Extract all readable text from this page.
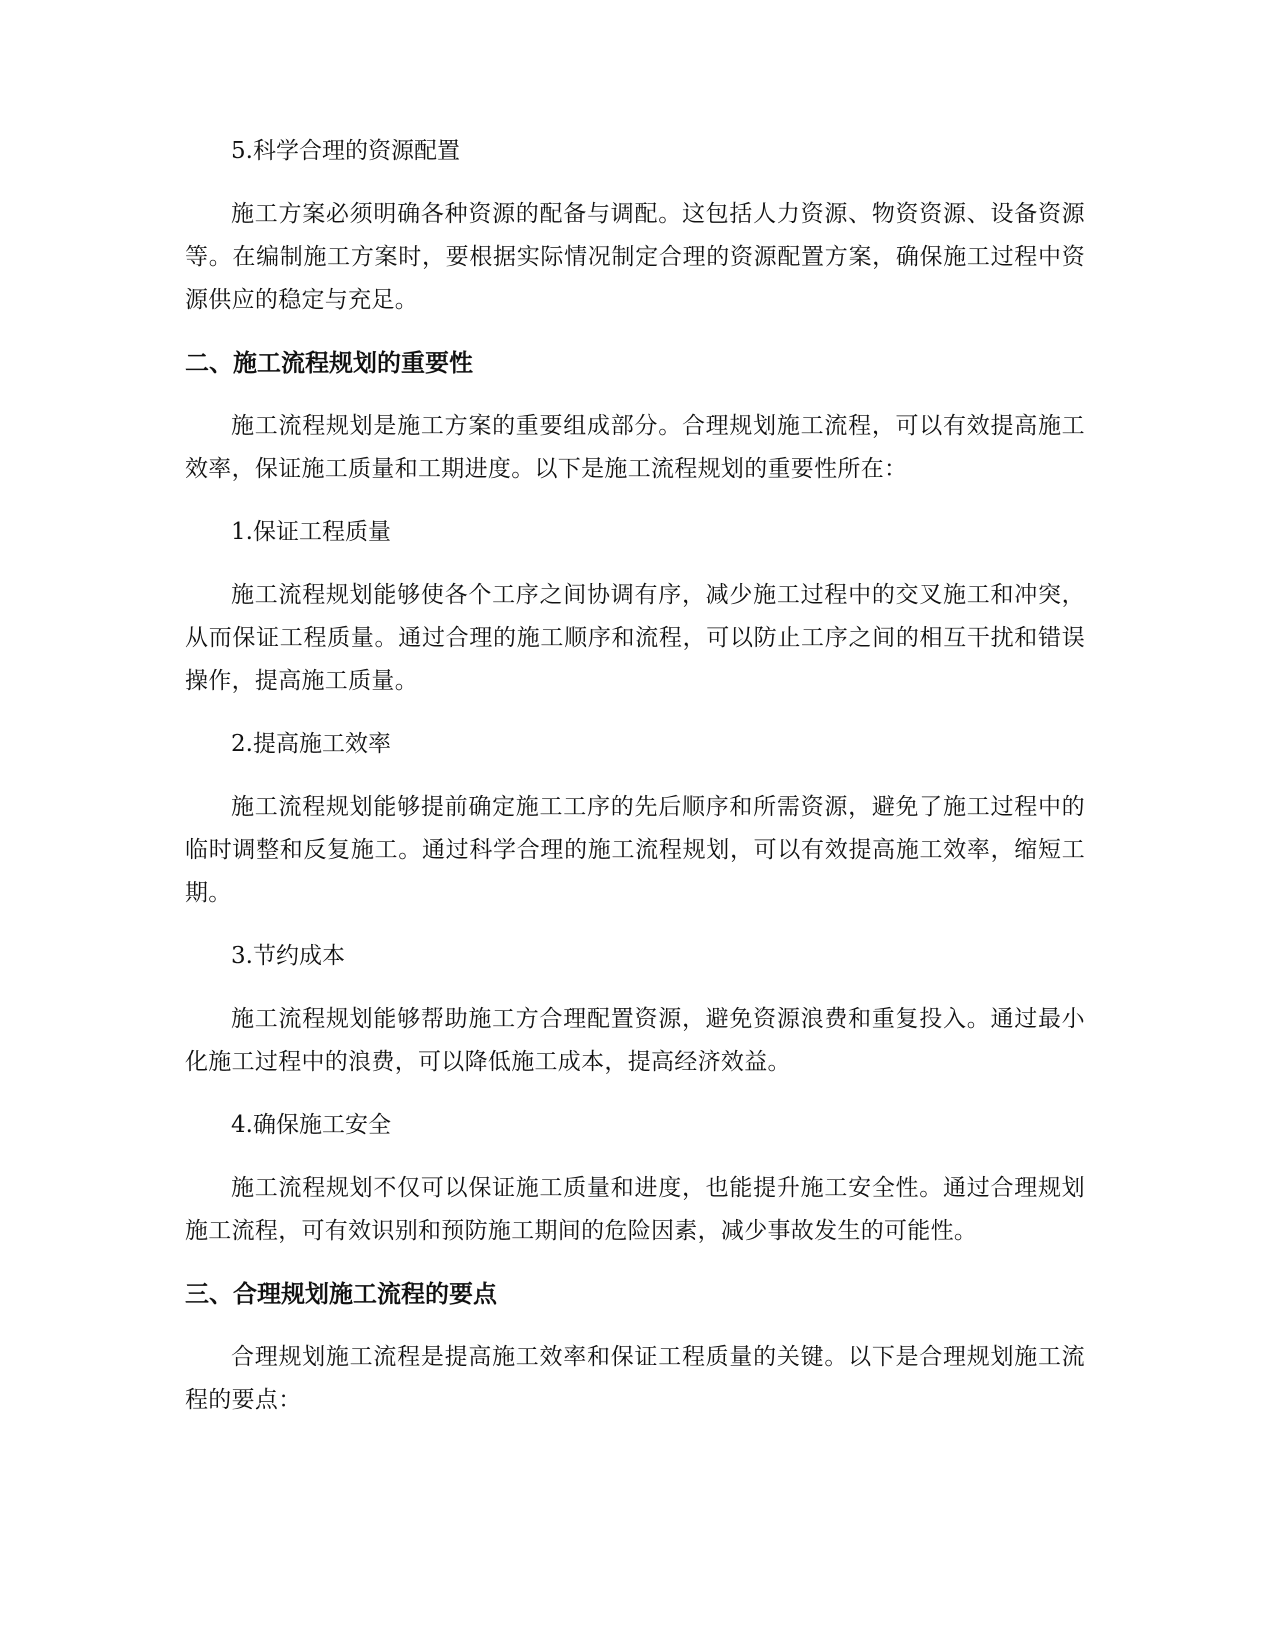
5.科学合理的资源配置

施工方案必须明确各种资源的配备与调配。这包括人力资源、物资资源、设备资源等。在编制施工方案时，要根据实际情况制定合理的资源配置方案，确保施工过程中资源供应的稳定与充足。

二、施工流程规划的重要性

施工流程规划是施工方案的重要组成部分。合理规划施工流程，可以有效提高施工效率，保证施工质量和工期进度。以下是施工流程规划的重要性所在：

1.保证工程质量

施工流程规划能够使各个工序之间协调有序，减少施工过程中的交叉施工和冲突，从而保证工程质量。通过合理的施工顺序和流程，可以防止工序之间的相互干扰和错误操作，提高施工质量。

2.提高施工效率

施工流程规划能够提前确定施工工序的先后顺序和所需资源，避免了施工过程中的临时调整和反复施工。通过科学合理的施工流程规划，可以有效提高施工效率，缩短工期。

3.节约成本

施工流程规划能够帮助施工方合理配置资源，避免资源浪费和重复投入。通过最小化施工过程中的浪费，可以降低施工成本，提高经济效益。

4.确保施工安全

施工流程规划不仅可以保证施工质量和进度，也能提升施工安全性。通过合理规划施工流程，可有效识别和预防施工期间的危险因素，减少事故发生的可能性。

三、合理规划施工流程的要点

合理规划施工流程是提高施工效率和保证工程质量的关键。以下是合理规划施工流程的要点：
